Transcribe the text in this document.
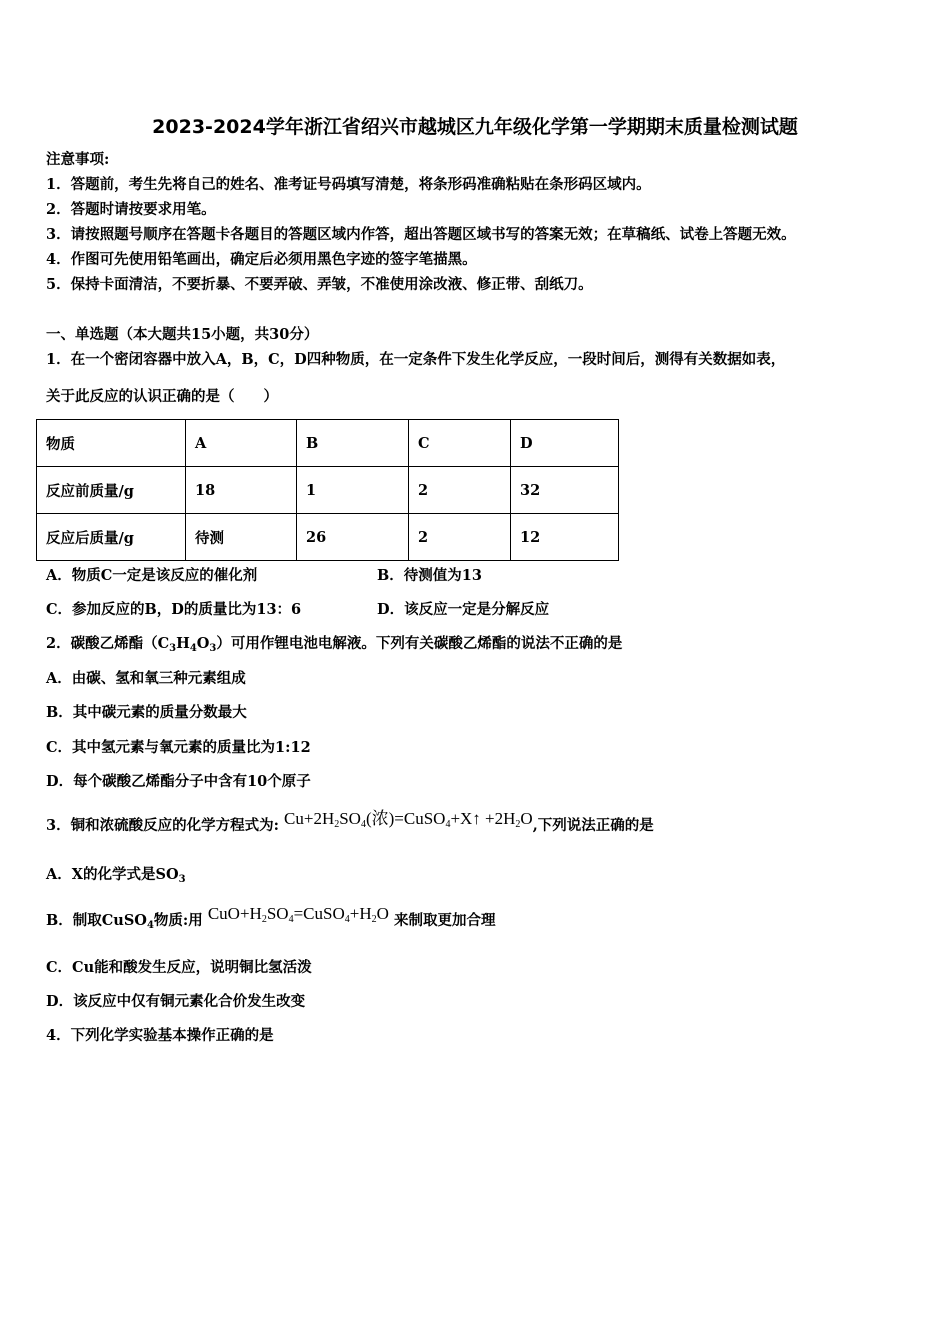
2023-2024学年浙江省绍兴市越城区九年级化学第一学期期末质量检测试题
注意事项:
1．答题前，考生先将自己的姓名、准考证号码填写清楚，将条形码准确粘贴在条形码区域内。
2．答题时请按要求用笔。
3．请按照题号顺序在答题卡各题目的答题区域内作答，超出答题区域书写的答案无效；在草稿纸、试卷上答题无效。
4．作图可先使用铅笔画出，确定后必须用黑色字迹的签字笔描黑。
5．保持卡面清洁，不要折暴、不要弄破、弄皱，不准使用涂改液、修正带、刮纸刀。
一、单选题（本大题共15小题，共30分）
1．在一个密闭容器中放入A，B，C，D四种物质，在一定条件下发生化学反应，一段时间后，测得有关数据如表，
关于此反应的认识正确的是（　　）
物质	A	B	C	D
反应前质量/g	18	1	2	32
反应后质量/g	待测	26	2	12
A．物质C一定是该反应的催化剂	B．待测值为13
C．参加反应的B，D的质量比为13：6	D．该反应一定是分解反应
2．碳酸乙烯酯$(C_3H_4O_3)$可用作锂电池电解液。下列有关碳酸乙烯酯的说法不正确的是
A．由碳、氢和氧三种元素组成
B．其中碳元素的质量分数最大
C．其中氢元素与氧元素的质量比为1:12
D．每个碳酸乙烯酯分子中含有10个原子
3．铜和浓硫酸反应的化学方程式为: $Cu+2H_2SO_4$(浓)=CuSO$_4$+X↑ $+2H_2O$,下列说法正确的是
A．X的化学式是$SO_3$
B．制取CuSO$_4$物质:用 $CuO+H_2SO_4=CuSO_4+H_2O$ 来制取更加合理
C．Cu能和酸发生反应，说明铜比氢活泼
D．该反应中仅有铜元素化合价发生改变
4．下列化学实验基本操作正确的是
